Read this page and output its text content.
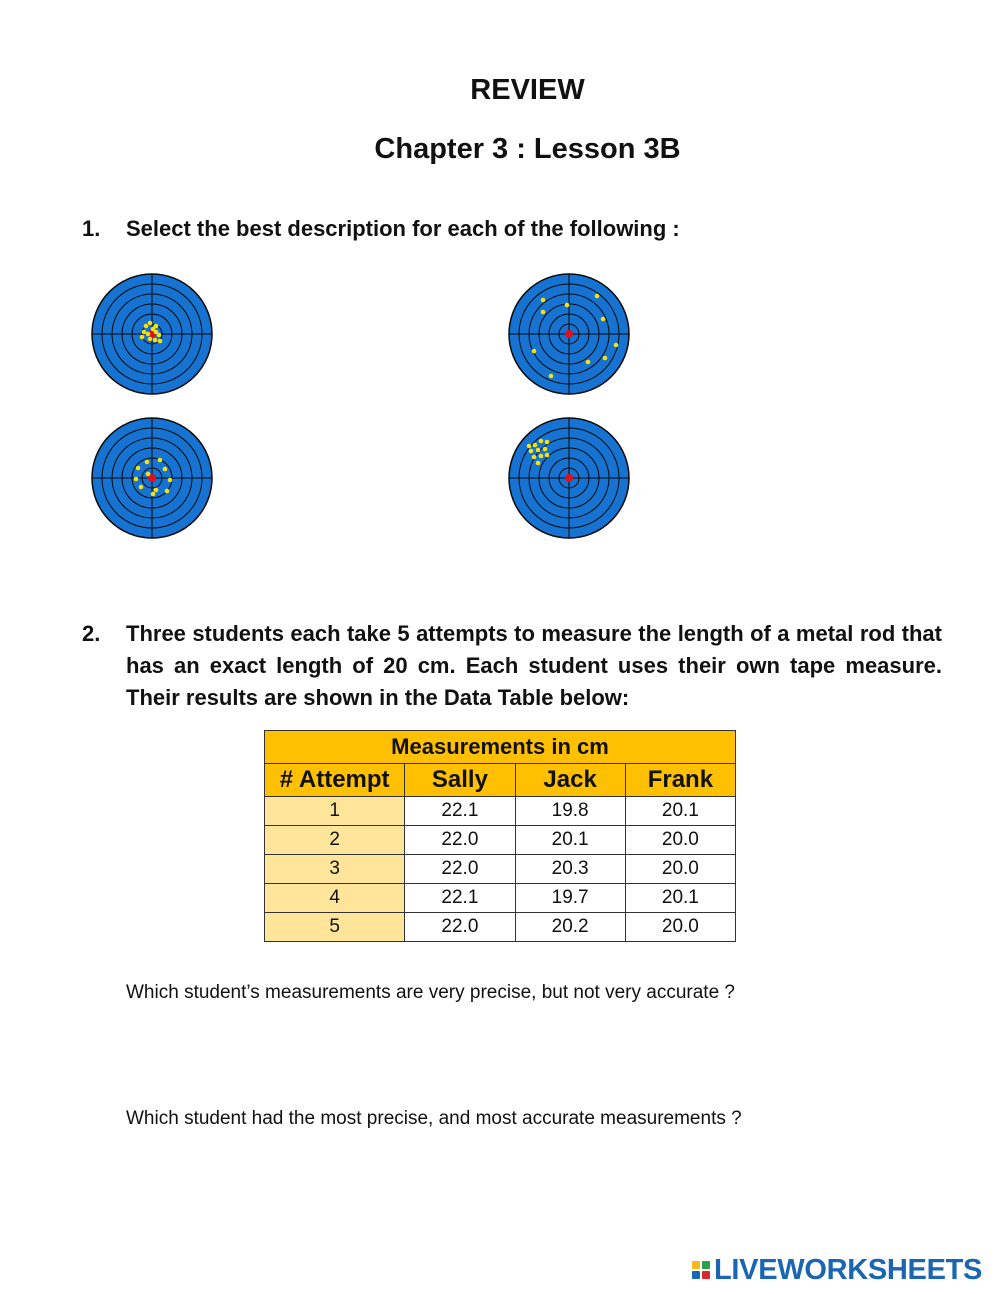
REVIEW
Chapter 3 : Lesson 3B
1.	Select the best description for each of the following :
2.	Three students each take 5 attempts to measure the length of a metal rod that has an exact length of 20 cm. Each student uses their own tape measure. Their results are shown in the Data Table below:
Measurements in cm			
# Attempt	Sally	Jack	Frank
1	22.1	19.8	20.1
2	22.0	20.1	20.0
3	22.0	20.3	20.0
4	22.1	19.7	20.1
5	22.0	20.2	20.0
Which student’s measurements are very precise, but not very accurate ?
Which student had the most precise, and most accurate measurements ?
LIVEWORKSHEETS
